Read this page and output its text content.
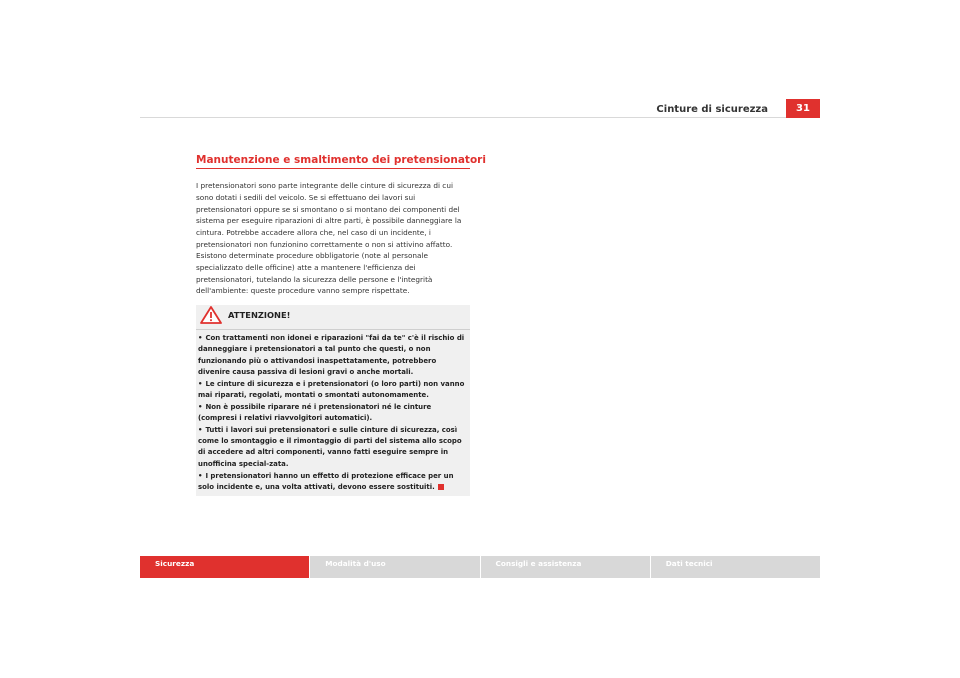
Cinture di sicurezza	31
Manutenzione e smaltimento dei pretensionatori

I pretensionatori sono parte integrante delle cinture di sicurezza di cui sono dotati i sedili del veicolo. Se si effettuano dei lavori sui pretensionatori oppure se si smontano o si montano dei componenti del sistema per eseguire riparazioni di altre parti, è possibile danneggiare la cintura. Potrebbe accadere allora che, nel caso di un incidente, i pretensionatori non funzionino correttamente o non si attivino affatto.

Esistono determinate procedure obbligatorie (note al personale specializzato delle officine) atte a mantenere l'efficienza dei pretensionatori, tutelando la sicurezza delle persone e l'integrità dell'ambiente: queste procedure vanno sempre rispettate.

ATTENZIONE!

• Con trattamenti non idonei e riparazioni "fai da te" c'è il rischio di danneggiare i pretensionatori a tal punto che questi, o non funzionando più o attivandosi inaspettatamente, potrebbero divenire causa passiva di lesioni gravi o anche mortali.

• Le cinture di sicurezza e i pretensionatori (o loro parti) non vanno mai riparati, regolati, montati o smontati autonomamente.

• Non è possibile riparare né i pretensionatori né le cinture (compresi i relativi riavvolgitori automatici).

• Tutti i lavori sui pretensionatori e sulle cinture di sicurezza, così come lo smontaggio e il rimontaggio di parti del sistema allo scopo di accedere ad altri componenti, vanno fatti eseguire sempre in unofficina special-zata.

• I pretensionatori hanno un effetto di protezione efficace per un solo incidente e, una volta attivati, devono essere sostituiti.

Sicurezza	Modalità d'uso	Consigli e assistenza	Dati tecnici
